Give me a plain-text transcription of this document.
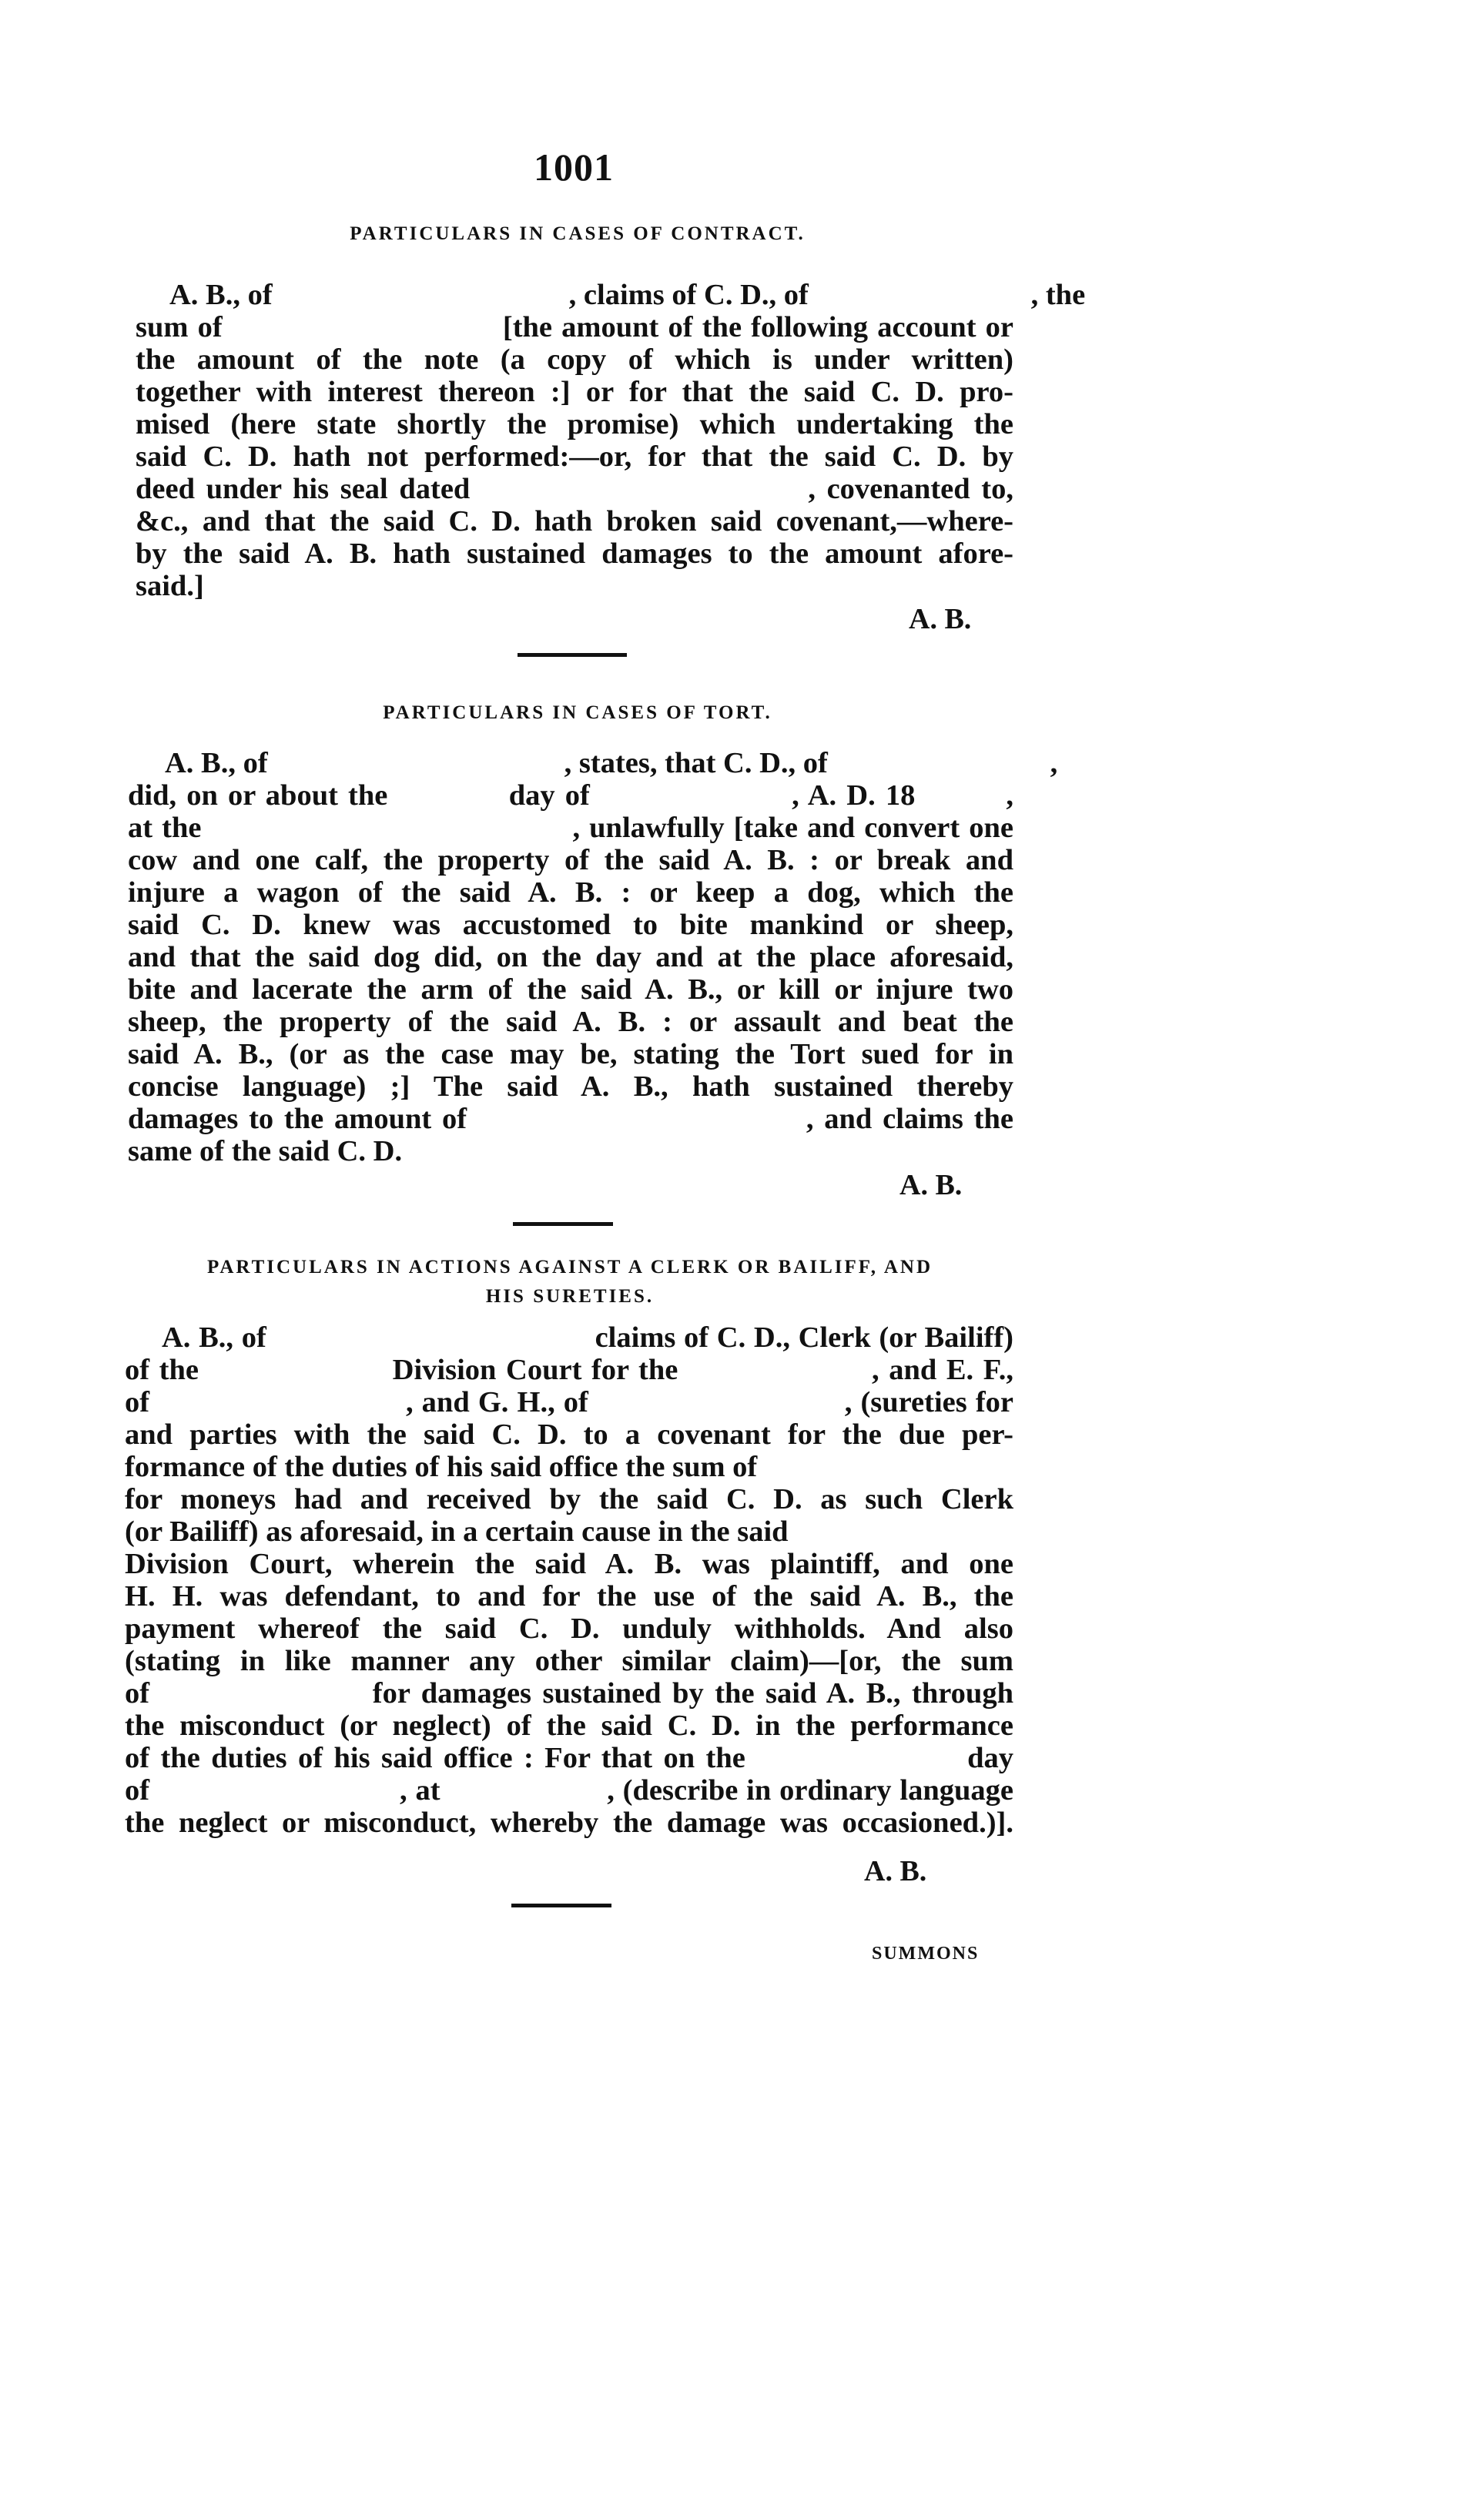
1001
PARTICULARS IN CASES OF CONTRACT.
A. B., of                                        , claims of C. D., of                              , the
sum of                              [the amount of the following account or
the amount of the note (a copy of which is under written)
together with interest thereon :] or for that the said C. D. pro-
mised (here state shortly the promise) which undertaking the
said C. D. hath not performed:—or, for that the said C. D. by
deed under his seal dated                              , covenanted to,
&c., and that the said C. D. hath broken said covenant,—where-
by the said A. B. hath sustained damages to the amount afore-
said.]
A. B.
PARTICULARS IN CASES OF TORT.
A. B., of                                        , states, that C. D., of                              ,
did, on or about the            day of                    , A. D. 18         ,
at the                                        , unlawfully [take and convert one
cow and one calf, the property of the said A. B. : or break and
injure a wagon of the said A. B. : or keep a dog, which the
said C. D. knew was accustomed to bite mankind or sheep,
and that the said dog did, on the day and at the place aforesaid,
bite and lacerate the arm of the said A. B., or kill or injure two
sheep, the property of the said A. B. : or assault and beat the
said A. B., (or as the case may be, stating the Tort sued for in
concise language) ;] The said A. B., hath sustained thereby
damages to the amount of                                , and claims the
same of the said C. D.
A. B.
PARTICULARS IN ACTIONS AGAINST A CLERK OR BAILIFF, AND
HIS SURETIES.
A. B., of                                        claims of C. D., Clerk (or Bailiff)
of the                    Division Court for the                    , and E. F.,
of                              , and G. H., of                              , (sureties for
and parties with the said C. D. to a covenant for the due per-
formance of the duties of his said office the sum of
for moneys had and received by the said C. D. as such Clerk
(or Bailiff) as aforesaid, in a certain cause in the said
Division Court, wherein the said A. B. was plaintiff, and one
H. H. was defendant, to and for the use of the said A. B., the
payment whereof the said C. D. unduly withholds. And also
(stating in like manner any other similar claim)—[or, the sum
of                    for damages sustained by the said A. B., through
the misconduct (or neglect) of the said C. D. in the performance
of the duties of his said office : For that on the                    day
of                              , at                    , (describe in ordinary language
the neglect or misconduct, whereby the damage was occasioned.)].
A. B.
SUMMONS
